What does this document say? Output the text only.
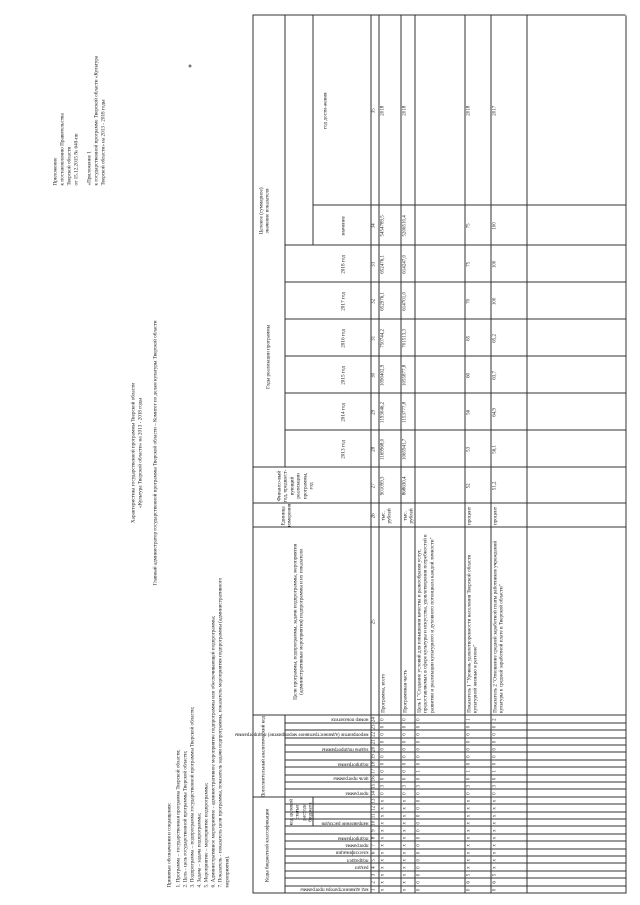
Приложение к постановлению Правительства Тверской области от 15.12.2015 № 640-пп «Приложение 1 к государственной программе Тверской области «Культура Тверской области» на 2013 - 2018 годы
Характеристика государственной программы Тверской области «Культура Тверской области» на 2013 - 2018 годы Главный администратор государственной программы Тверской области – Комитет по делам культуры Тверской области
Принятые обозначения и сокращения: 1. Программа – государственная программа Тверской области; 2. Цель - цель государственной программы Тверской области; 3. Подпрограмма – подпрограмма государственной программы Тверской области; 4. Задача – задача подпрограммы; 5. Мероприятие – мероприятие подпрограммы; 6. Административное мероприятие - административное мероприятие подпрограммы или обеспечивающей подпрограммы; 7. Показатель - показатель цели программы, показатель задачи подпрограммы, показатель мероприятия подпрограммы (административного мероприятия).	Коды бюджетной классификации
Дополнительный аналитический код
код целевой статьи расхода бюджета
Цели программы, подпрограммы, задачи подпрограммы, мероприятия (административные мероприятия) подпрограммы и их показатели
Единица измерения
Финансо-вый год, предшест-вующий реализации программы, год
Годы реализации программы
Целевое (суммарное) значение показателя	значение
год дости-жения
2013 год
2014 год
2015 год
2016 год
2017 год
2018 год
код администратора программы
раздел
подраздел
классификация
программа
подпрограмма
направление расходов
программа
цель программы
подпрограмма
задача подпрограммы
мероприятие (административное мероприятие) подпрограммы
номер показателя
1
2
3
4
5
6
7
8
9
10
11
12
13
14
15
16
17
18
19
20
21
22
23
24
25
26
27
28
29
30
31
32
33
34
35
x
x
x
x
x
x
x
x
x
x
x
x
x
0
3
0
0
0
0
0
0
0
0
0
Программа, всего
тыс. рублей
901099,3
1169968,0
1193046,2
1090402,9
750744,2
652976,1
652476,1
5454789,5
2018
x
x
x
x
x
x
x
x
x
x
x
x
x
0
3
0
0
0
0
0
0
0
0
0
Программная часть
тыс. рублей
868630,4
1065941,7
1153777,8
1055877,8
701513,3
614701,0
614247,0
5206510,4
2018
0
0
0
0
0
0
0
0
0
0
0
0
0
0
3
0
1
0
0
0
0
0
0
0
Цель 1 "Создание условий для повышения качества и разнообразия услуг, предоставляемых в сфере культуры и искусства, удовлетворения потребностей в развитии и реализации культурного и духовного потенциала каждой личности"
0
6
5
x
x
x
x
x
x
x
x
x
x
0
3
0
1
0
0
0
0
0
0
1
Показатель 1 "Уровень удовлетворенности населения Тверской области культурной жизнью в регионе"
процент
52
53
56
60
65
70
75
75
2018
0
6
5
x
x
x
x
x
x
x
x
x
x
0
3
0
1
0
0
0
0
0
0
2
Показатель 2 "Отношение средней заработной платы работников учреждений культуры к средней заработной плате в Тверской области"
процент
51,2
56,1
64,9
63,7
65,2
100
100
100
2017
